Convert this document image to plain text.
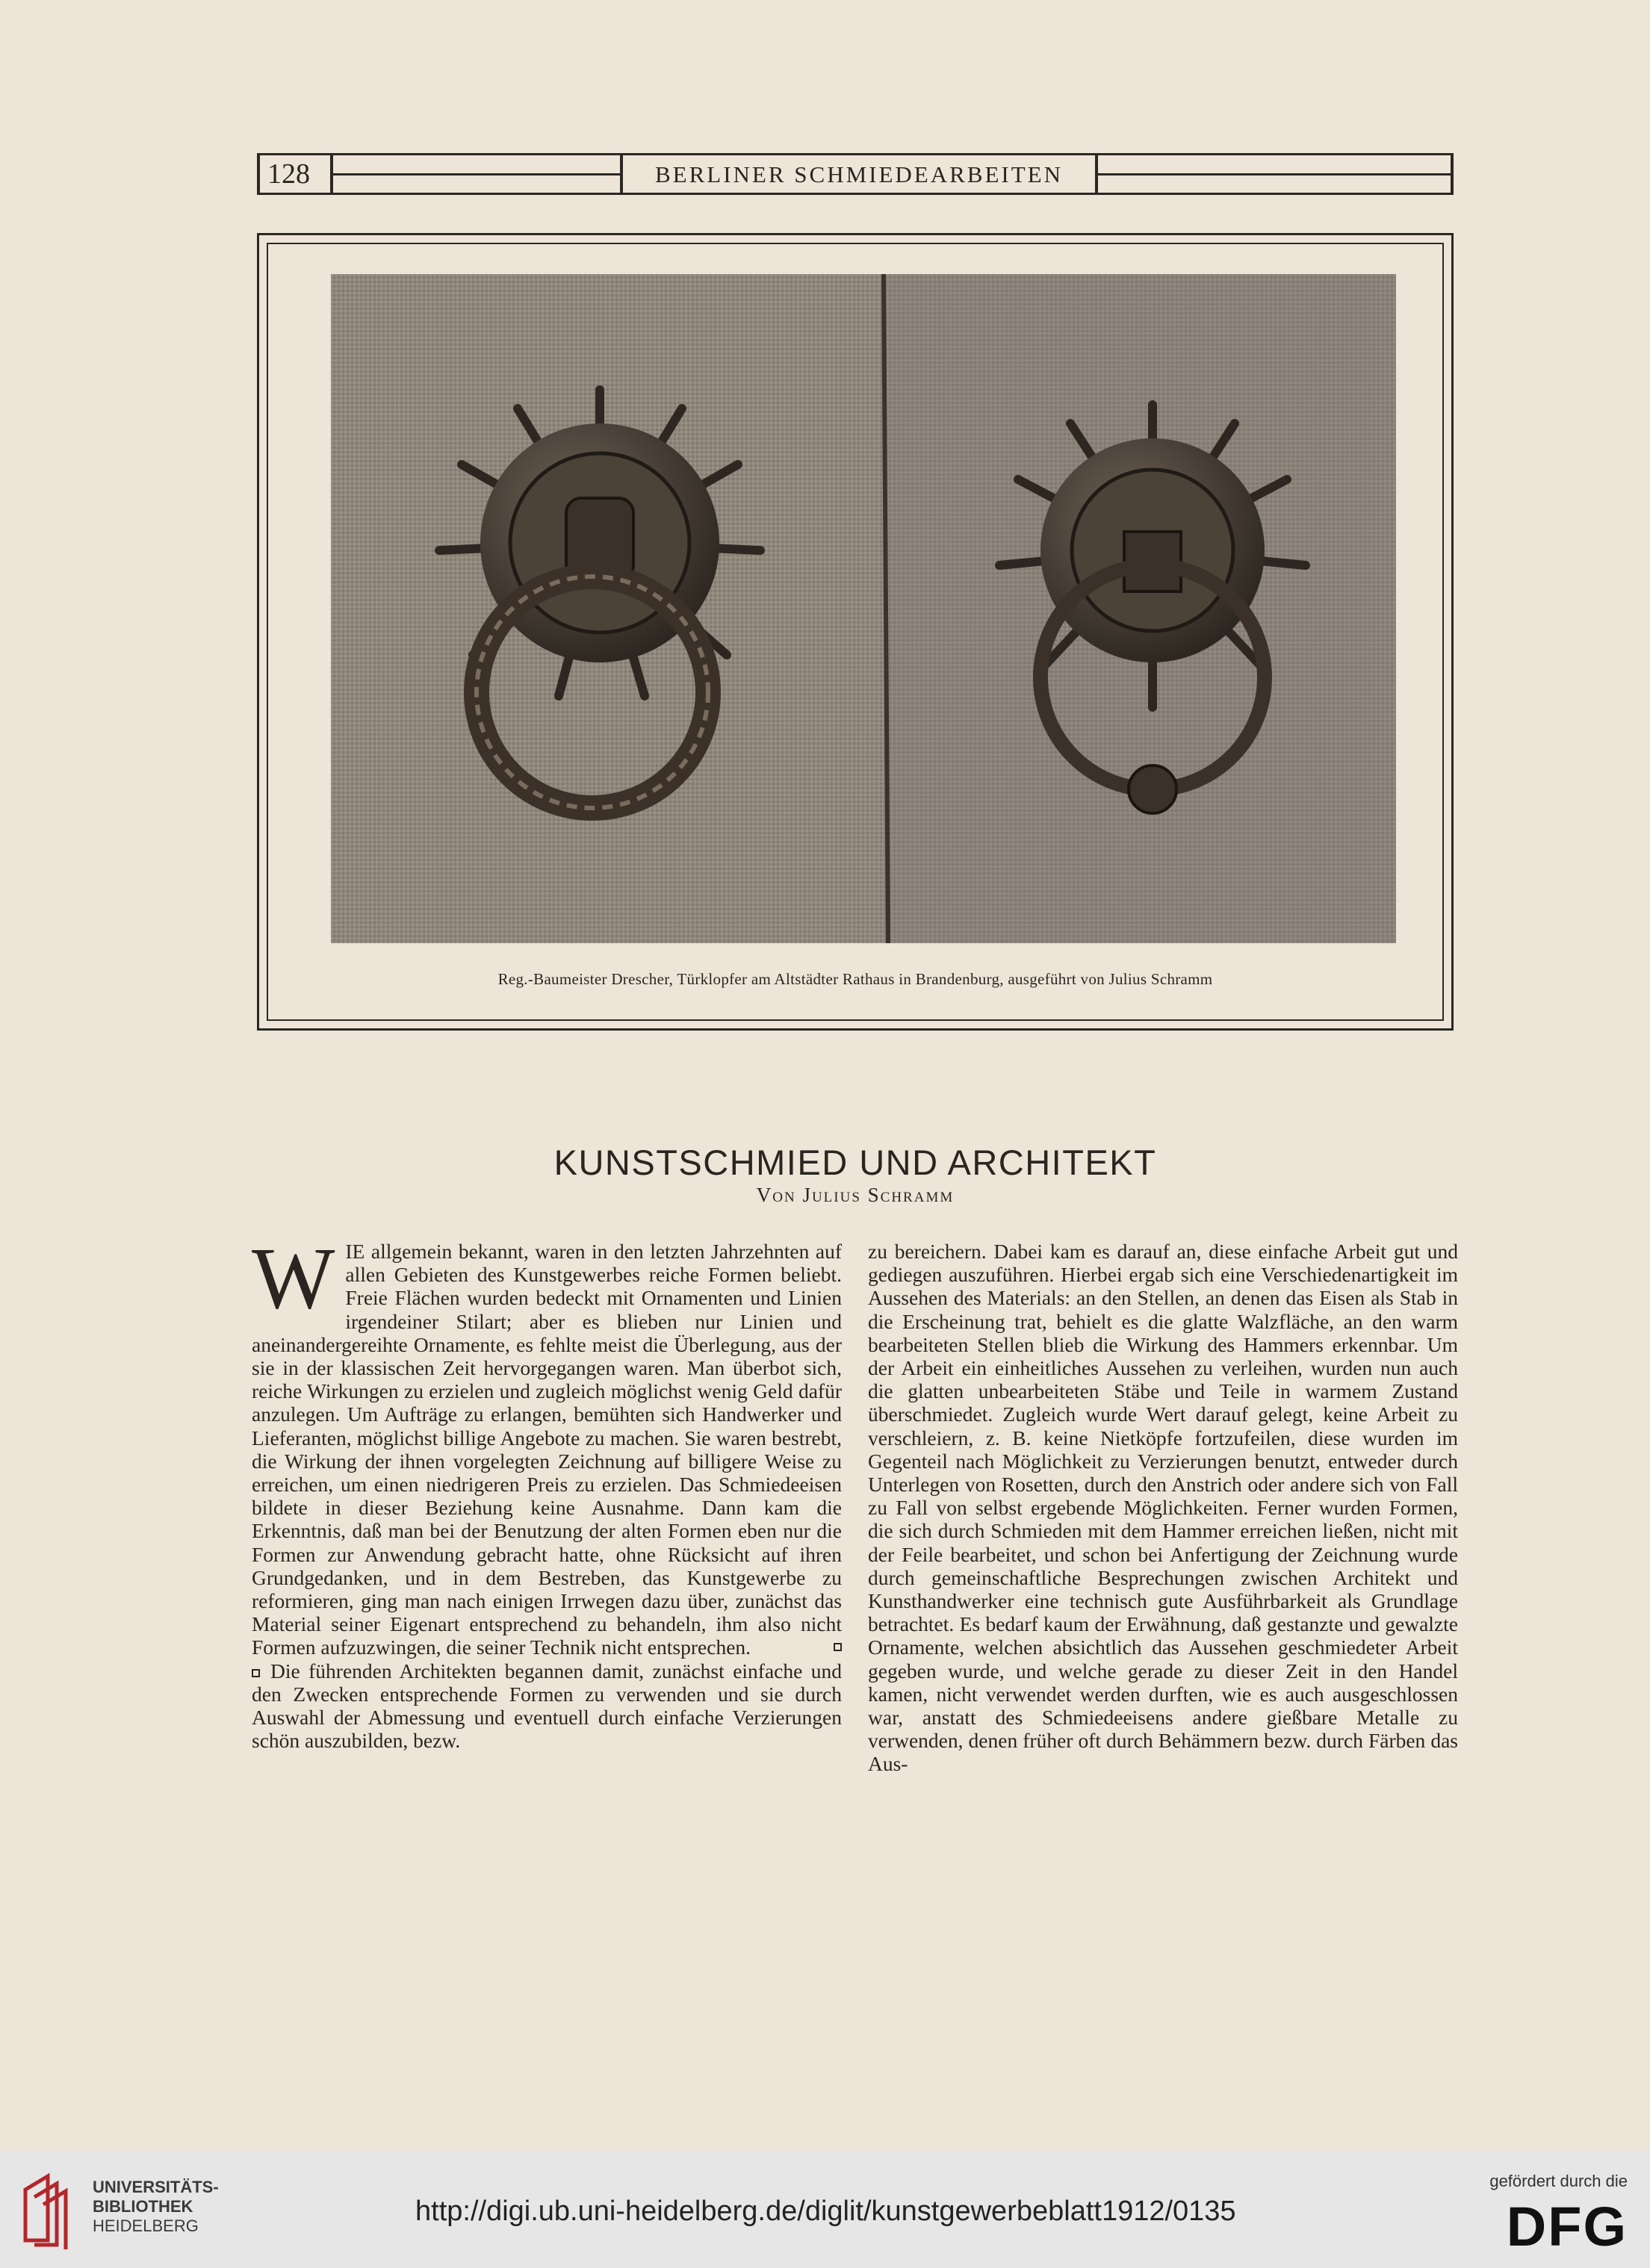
128	BERLINER SCHMIEDEARBEITEN
Reg.-Baumeister Drescher, Türklopfer am Altstädter Rathaus in Brandenburg, ausgeführt von Julius Schramm
KUNSTSCHMIED UND ARCHITEKT
Von Julius Schramm

WIE allgemein bekannt, waren in den letzten Jahrzehnten auf allen Gebieten des Kunstgewerbes reiche Formen beliebt. Freie Flächen wurden bedeckt mit Ornamenten und Linien irgendeiner Stilart; aber es blieben nur Linien und aneinandergereihte Ornamente, es fehlte meist die Überlegung, aus der sie in der klassischen Zeit hervorgegangen waren. Man überbot sich, reiche Wirkungen zu erzielen und zugleich möglichst wenig Geld dafür anzulegen. Um Aufträge zu erlangen, bemühten sich Handwerker und Lieferanten, möglichst billige Angebote zu machen. Sie waren bestrebt, die Wirkung der ihnen vorgelegten Zeichnung auf billigere Weise zu erreichen, um einen niedrigeren Preis zu erzielen. Das Schmiedeeisen bildete in dieser Beziehung keine Ausnahme. Dann kam die Erkenntnis, daß man bei der Benutzung der alten Formen eben nur die Formen zur Anwendung gebracht hatte, ohne Rücksicht auf ihren Grundgedanken, und in dem Bestreben, das Kunstgewerbe zu reformieren, ging man nach einigen Irrwegen dazu über, zunächst das Material seiner Eigenart entsprechend zu behandeln, ihm also nicht Formen aufzuzwingen, die seiner Technik nicht entsprechen.

Die führenden Architekten begannen damit, zunächst einfache und den Zwecken entsprechende Formen zu verwenden und sie durch Auswahl der Abmessung und eventuell durch einfache Verzierungen schön auszubilden, bezw.

zu bereichern. Dabei kam es darauf an, diese einfache Arbeit gut und gediegen auszuführen. Hierbei ergab sich eine Verschiedenartigkeit im Aussehen des Materials: an den Stellen, an denen das Eisen als Stab in die Erscheinung trat, behielt es die glatte Walzfläche, an den warm bearbeiteten Stellen blieb die Wirkung des Hammers erkennbar. Um der Arbeit ein einheitliches Aussehen zu verleihen, wurden nun auch die glatten unbearbeiteten Stäbe und Teile in warmem Zustand überschmiedet. Zugleich wurde Wert darauf gelegt, keine Arbeit zu verschleiern, z. B. keine Nietköpfe fortzufeilen, diese wurden im Gegenteil nach Möglichkeit zu Verzierungen benutzt, entweder durch Unterlegen von Rosetten, durch den Anstrich oder andere sich von Fall zu Fall von selbst ergebende Möglichkeiten. Ferner wurden Formen, die sich durch Schmieden mit dem Hammer erreichen ließen, nicht mit der Feile bearbeitet, und schon bei Anfertigung der Zeichnung wurde durch gemeinschaftliche Besprechungen zwischen Architekt und Kunsthandwerker eine technisch gute Ausführbarkeit als Grundlage betrachtet. Es bedarf kaum der Erwähnung, daß gestanzte und gewalzte Ornamente, welchen absichtlich das Aussehen geschmiedeter Arbeit gegeben wurde, und welche gerade zu dieser Zeit in den Handel kamen, nicht verwendet werden durften, wie es auch ausgeschlossen war, anstatt des Schmiedeeisens andere gießbare Metalle zu verwenden, denen früher oft durch Behämmern bezw. durch Färben das Aus-

UNIVERSITÄTS-
BIBLIOTHEK
HEIDELBERG	http://digi.ub.uni-heidelberg.de/diglit/kunstgewerbeblatt1912/0135
gefördert durch die
DFG
